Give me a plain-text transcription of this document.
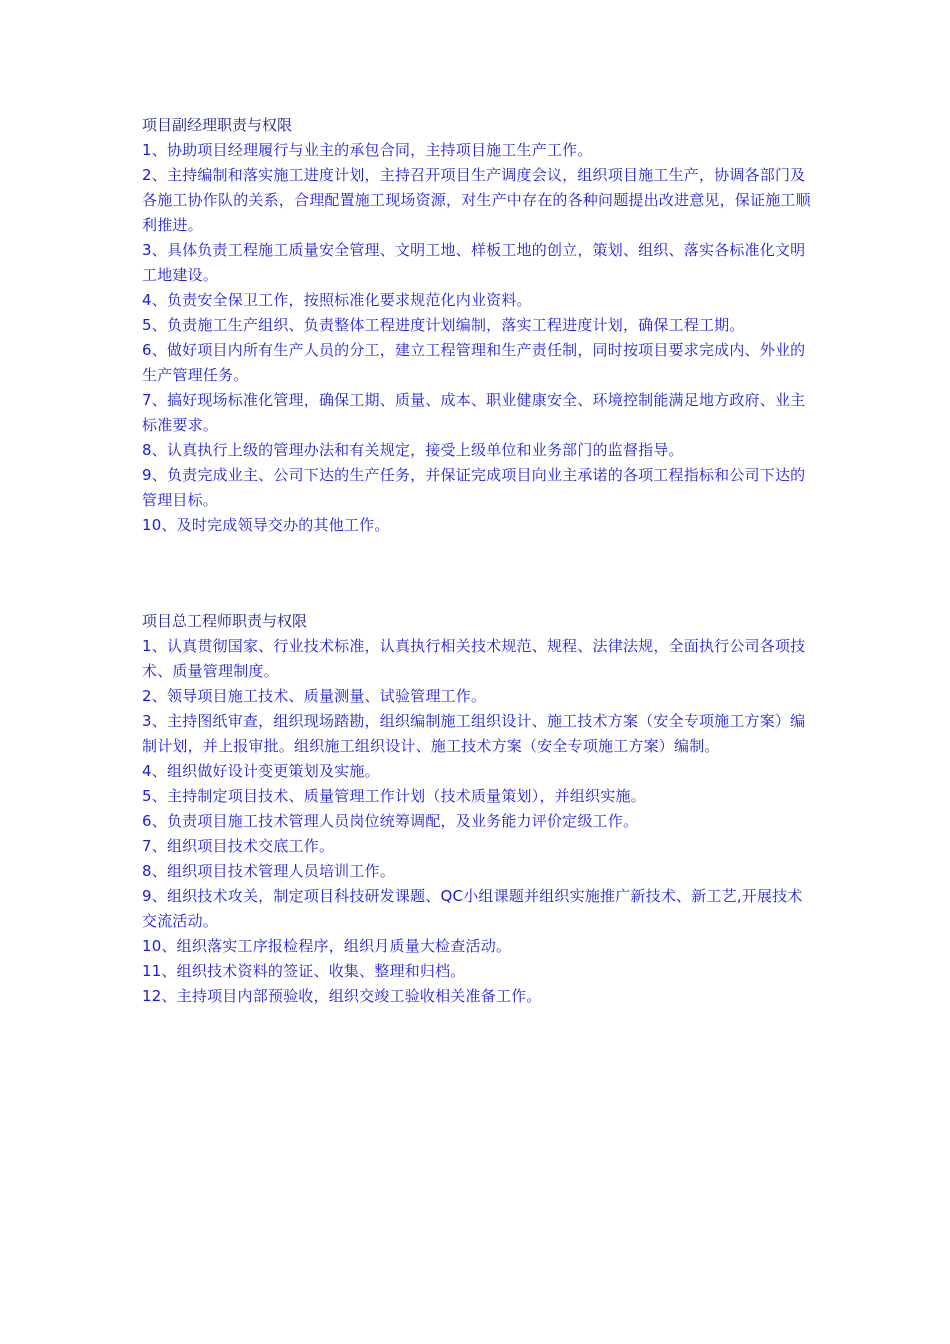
项目副经理职责与权限

1、协助项目经理履行与业主的承包合同，主持项目施工生产工作。

2、主持编制和落实施工进度计划，主持召开项目生产调度会议，组织项目施工生产，协调各部门及各施工协作队的关系，合理配置施工现场资源，对生产中存在的各种问题提出改进意见，保证施工顺利推进。

3、具体负责工程施工质量安全管理、文明工地、样板工地的创立，策划、组织、落实各标准化文明工地建设。

4、负责安全保卫工作，按照标准化要求规范化内业资料。

5、负责施工生产组织、负责整体工程进度计划编制，落实工程进度计划，确保工程工期。

6、做好项目内所有生产人员的分工，建立工程管理和生产责任制，同时按项目要求完成内、外业的生产管理任务。

7、搞好现场标准化管理，确保工期、质量、成本、职业健康安全、环境控制能满足地方政府、业主标准要求。

8、认真执行上级的管理办法和有关规定，接受上级单位和业务部门的监督指导。

9、负责完成业主、公司下达的生产任务，并保证完成项目向业主承诺的各项工程指标和公司下达的管理目标。

10、及时完成领导交办的其他工作。

项目总工程师职责与权限

1、认真贯彻国家、行业技术标准，认真执行相关技术规范、规程、法律法规，全面执行公司各项技术、质量管理制度。

2、领导项目施工技术、质量测量、试验管理工作。

3、主持图纸审查，组织现场踏勘，组织编制施工组织设计、施工技术方案（安全专项施工方案）编制计划，并上报审批。组织施工组织设计、施工技术方案（安全专项施工方案）编制。

4、组织做好设计变更策划及实施。

5、主持制定项目技术、质量管理工作计划（技术质量策划），并组织实施。

6、负责项目施工技术管理人员岗位统筹调配，及业务能力评价定级工作。

7、组织项目技术交底工作。

8、组织项目技术管理人员培训工作。

9、组织技术攻关，制定项目科技研发课题、QC小组课题并组织实施推广新技术、新工艺,开展技术交流活动。

10、组织落实工序报检程序，组织月质量大检查活动。

11、组织技术资料的签证、收集、整理和归档。

12、主持项目内部预验收，组织交竣工验收相关准备工作。
